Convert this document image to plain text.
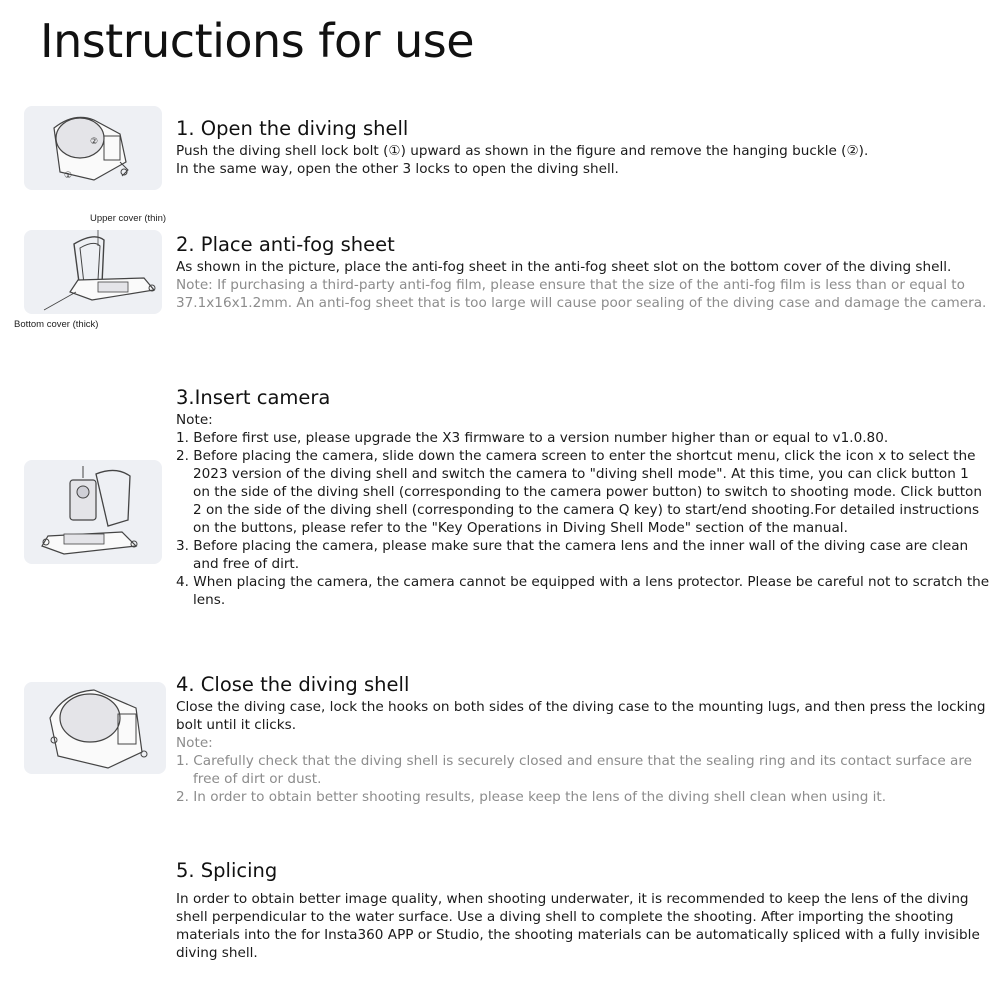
Instructions for use
②
①
1. Open the diving shell

Push the diving shell lock bolt (①) upward as shown in the figure and remove the hanging buckle (②).

In the same way, open the other 3 locks to open the diving shell.

Upper cover (thin)
Bottom cover (thick)
2. Place anti-fog sheet

As shown in the picture, place the anti-fog sheet in the anti-fog sheet slot on the bottom cover of the diving shell.

Note: If purchasing a third-party anti-fog film, please ensure that the size of the anti-fog film is less than or equal to 37.1x16x1.2mm. An anti-fog sheet that is too large will cause poor sealing of the diving case and damage the camera.

3.Insert camera

Note:

1. Before first use, please upgrade the X3 firmware to a version number higher than or equal to v1.0.80.

2. Before placing the camera, slide down the camera screen to enter the shortcut menu, click the icon x to select the 2023 version of the diving shell and switch the camera to "diving shell mode". At this time, you can click button 1 on the side of the diving shell (corresponding to the camera power button) to switch to shooting mode. Click button 2 on the side of the diving shell (corresponding to the camera Q key) to start/end shooting.For detailed instructions on the buttons, please refer to the "Key Operations in Diving Shell Mode" section of the manual.

3. Before placing the camera, please make sure that the camera lens and the inner wall of the diving case are clean and free of dirt.

4. When placing the camera, the camera cannot be equipped with a lens protector. Please be careful not to scratch the lens.

4. Close the diving shell

Close the diving case, lock the hooks on both sides of the diving case to the mounting lugs, and then press the locking bolt until it clicks.

Note:

1. Carefully check that the diving shell is securely closed and ensure that the sealing ring and its contact surface are free of dirt or dust.

2. In order to obtain better shooting results, please keep the lens of the diving shell clean when using it.

5. Splicing

In order to obtain better image quality, when shooting underwater, it is recommended to keep the lens of the diving shell perpendicular to the water surface. Use a diving shell to complete the shooting. After importing the shooting materials into the for Insta360 APP or Studio, the shooting materials can be automatically spliced with a fully invisible diving shell.
